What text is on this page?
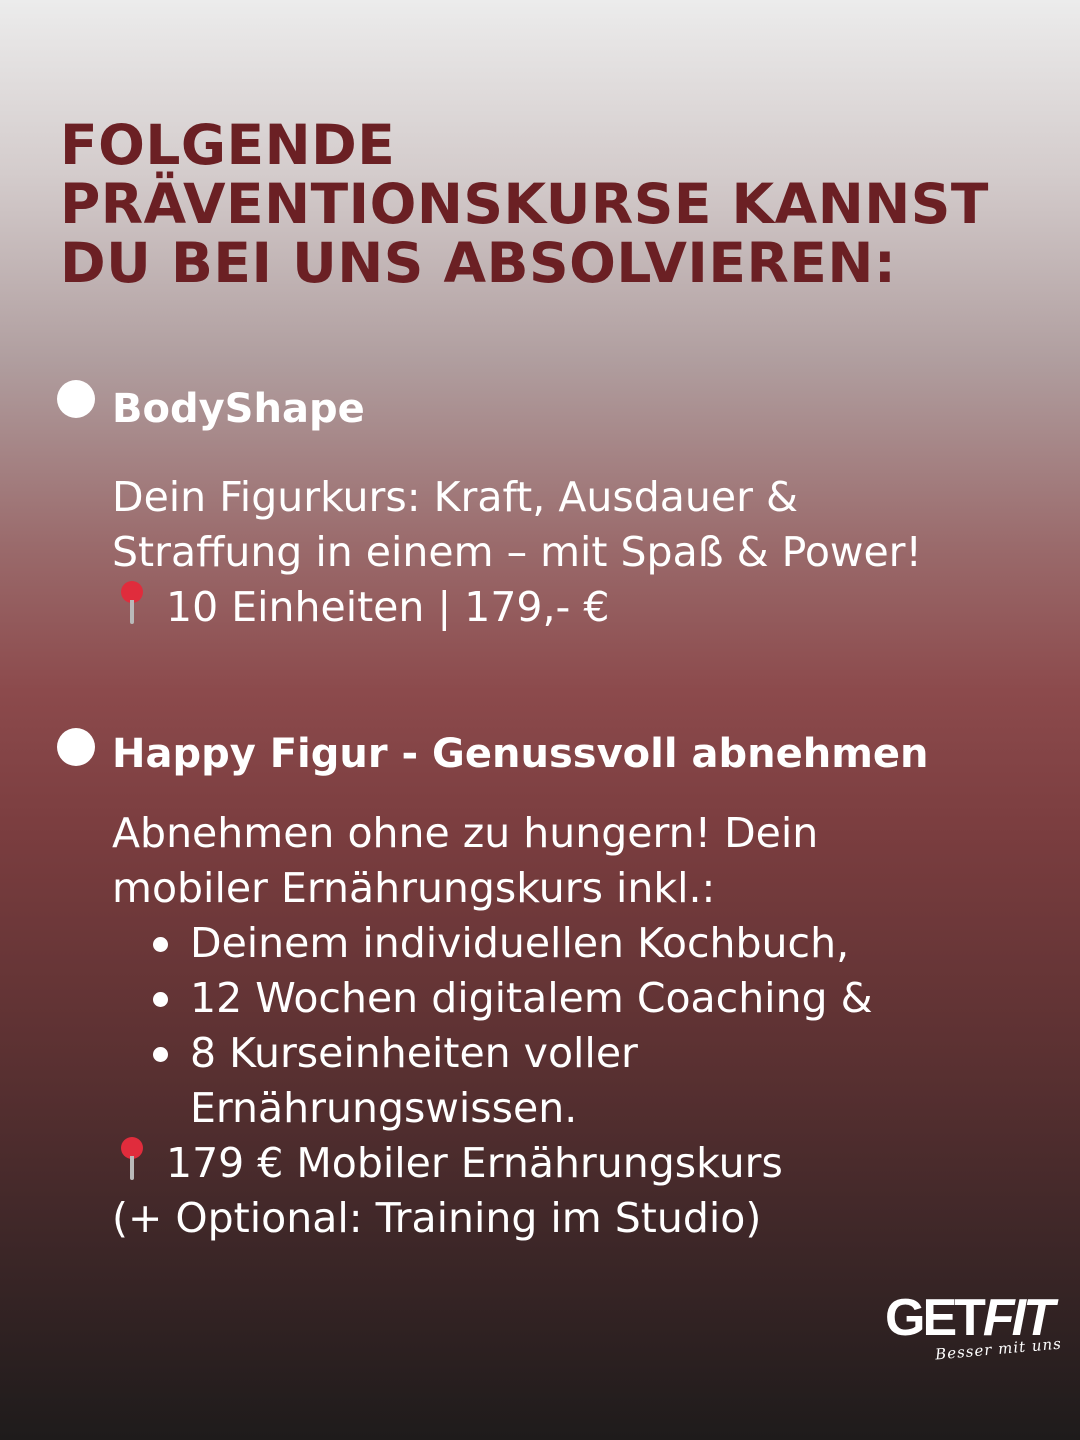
FOLGENDE
PRÄVENTIONSKURSE KANNST
DU BEI UNS ABSOLVIEREN:
BodyShape
Dein Figurkurs: Kraft, Ausdauer &
Straffung in einem – mit Spaß & Power!
10 Einheiten | 179,- €
Happy Figur - Genussvoll abnehmen
Abnehmen ohne zu hungern! Dein
mobiler Ernährungskurs inkl.:
Deinem individuellen Kochbuch,
12 Wochen digitalem Coaching &
8 Kurseinheiten voller
Ernährungswissen.
179 € Mobiler Ernährungskurs
(+ Optional: Training im Studio)
GETFIT
Besser mit uns
